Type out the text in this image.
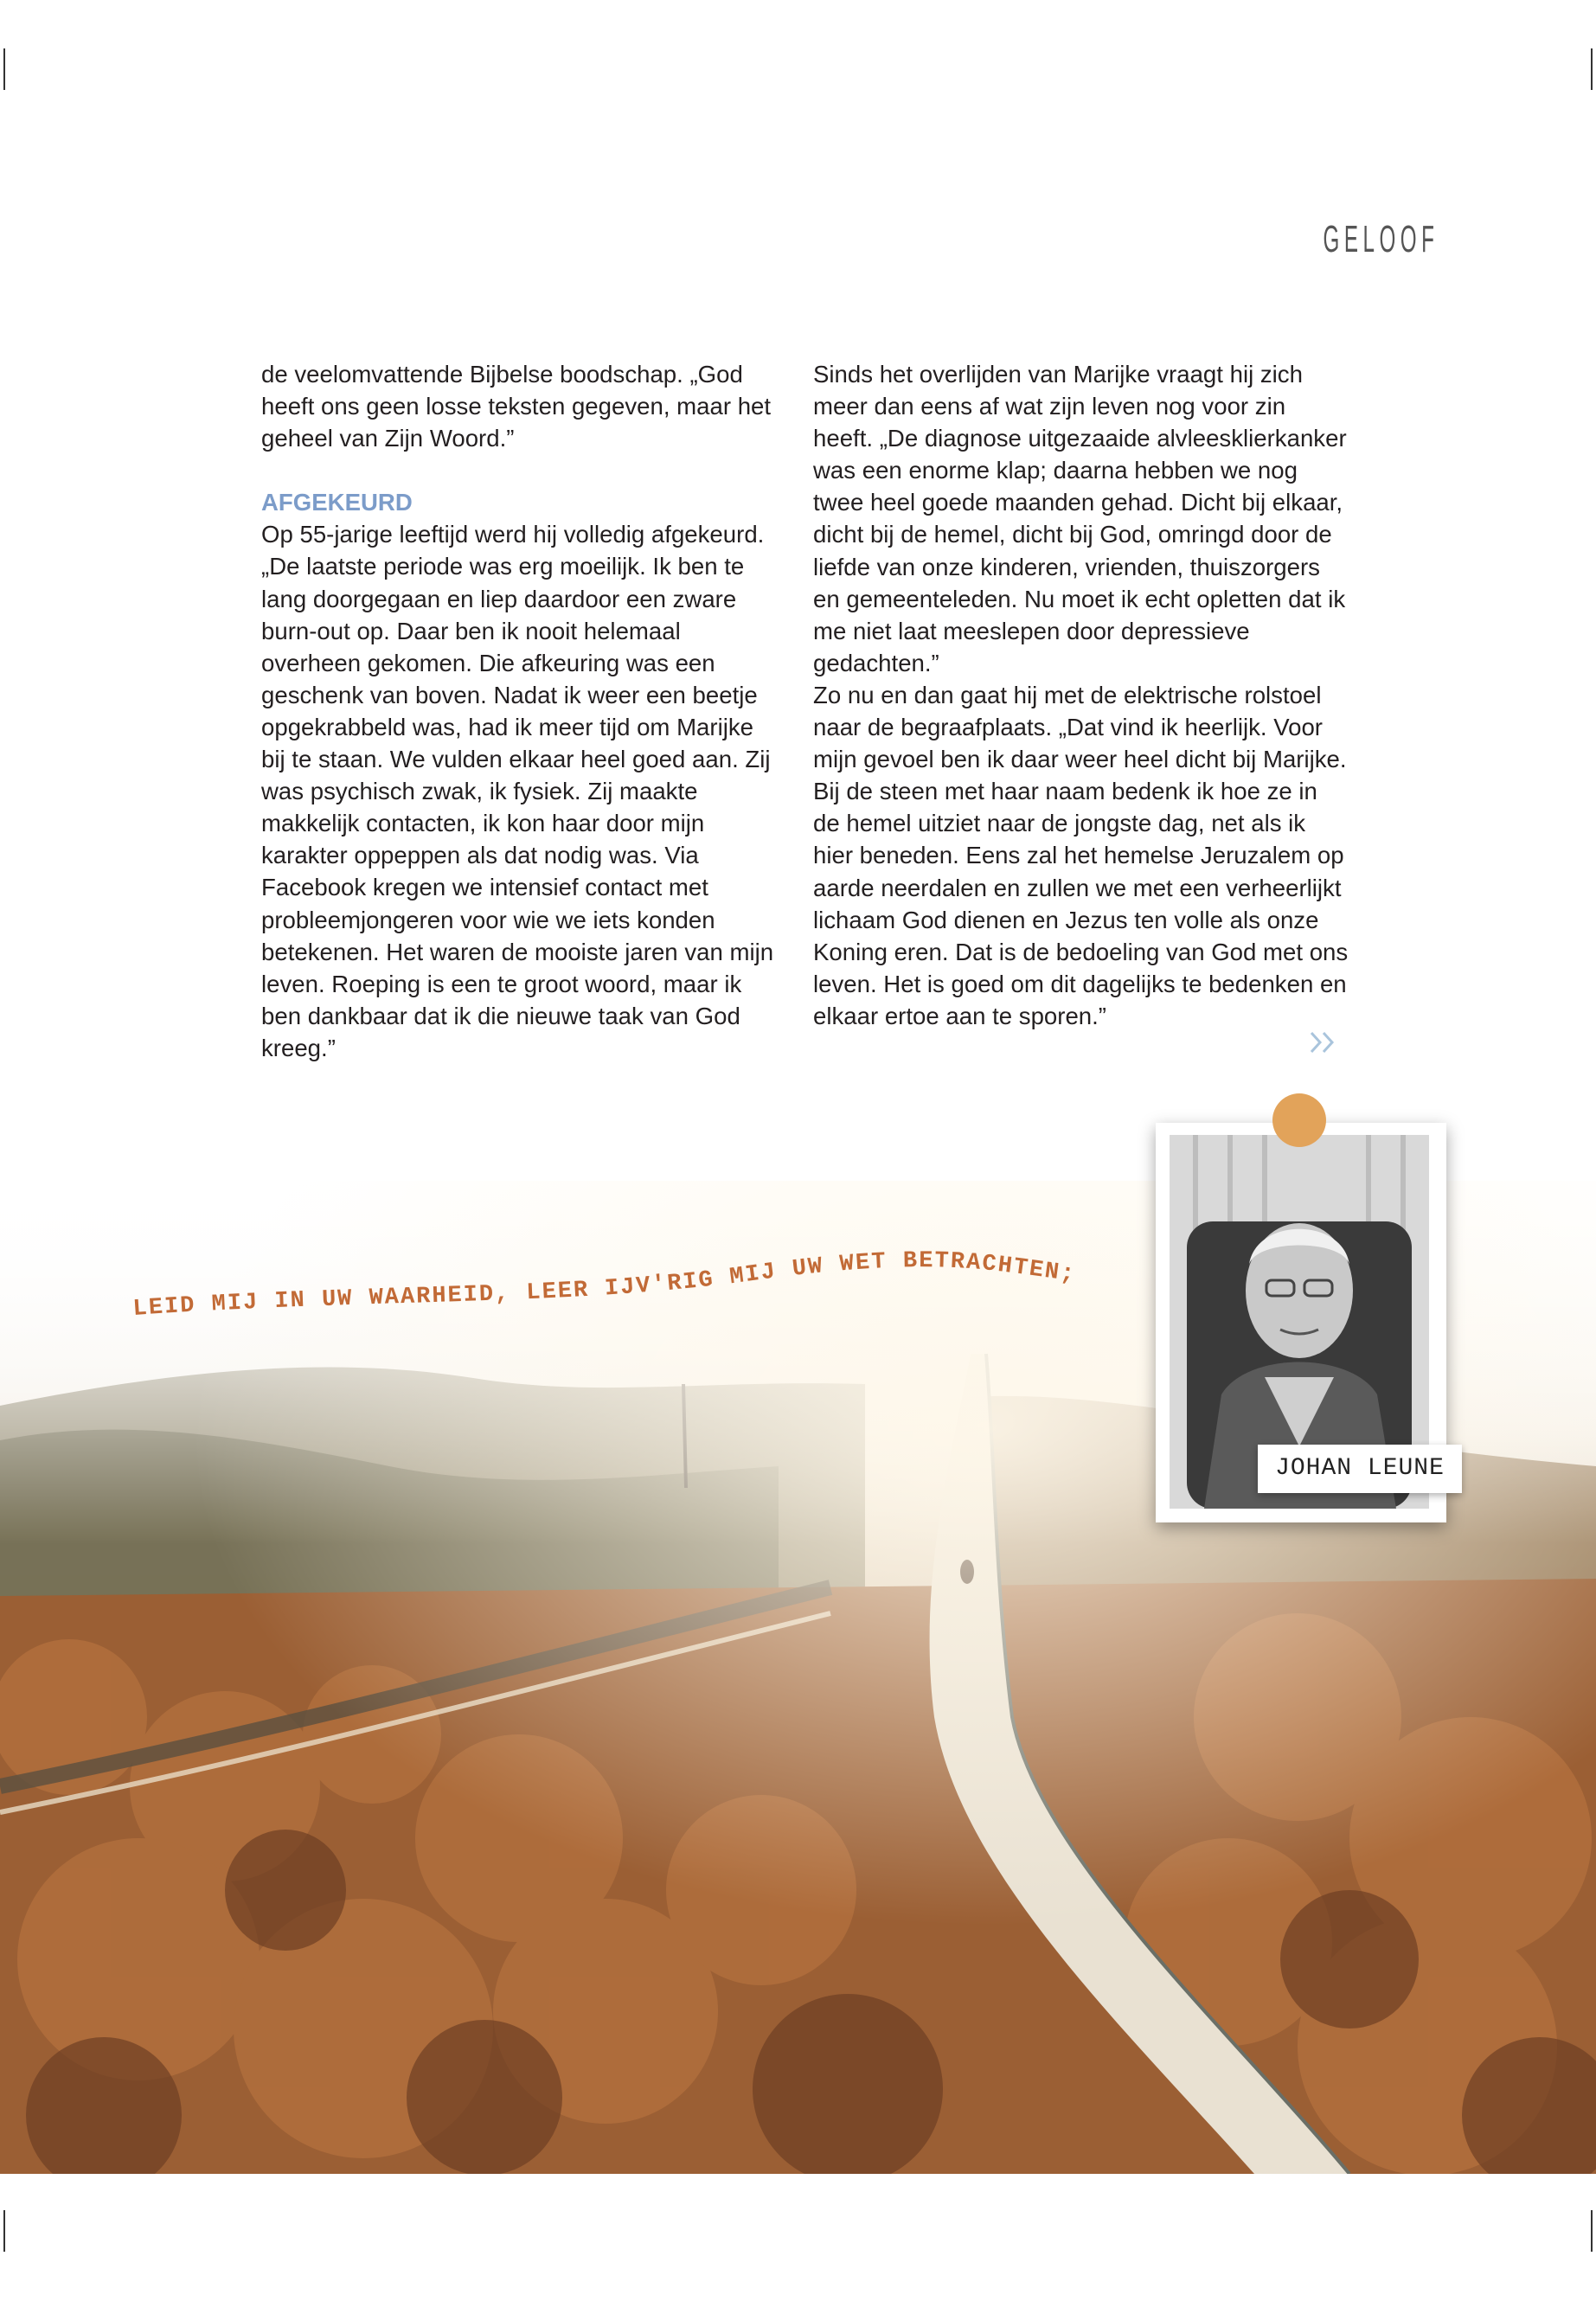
GELOOF

de veelomvattende Bijbelse boodschap. „God heeft ons geen losse teksten gegeven, maar het geheel van Zijn Woord.”

AFGEKEURD

Op 55-jarige leeftijd werd hij volledig afgekeurd. „De laatste periode was erg moeilijk. Ik ben te lang doorgegaan en liep daardoor een zware burn-out op. Daar ben ik nooit helemaal overheen gekomen. Die afkeuring was een geschenk van boven. Nadat ik weer een beetje opgekrabbeld was, had ik meer tijd om Marijke bij te staan. We vulden elkaar heel goed aan. Zij was psychisch zwak, ik fysiek. Zij maakte makkelijk contacten, ik kon haar door mijn karakter oppeppen als dat nodig was. Via Facebook kregen we intensief contact met probleemjongeren voor wie we iets konden betekenen. Het waren de mooiste jaren van mijn leven. Roeping is een te groot woord, maar ik ben dankbaar dat ik die nieuwe taak van God kreeg.”

Sinds het overlijden van Marijke vraagt hij zich meer dan eens af wat zijn leven nog voor zin heeft. „De diagnose uitgezaaide alvleesklierkanker was een enorme klap; daarna hebben we nog twee heel goede maanden gehad. Dicht bij elkaar, dicht bij de hemel, dicht bij God, omringd door de liefde van onze kinderen, vrienden, thuiszorgers en gemeenteleden. Nu moet ik echt opletten dat ik me niet laat meeslepen door depressieve gedachten.”

Zo nu en dan gaat hij met de elektrische rolstoel naar de begraafplaats. „Dat vind ik heerlijk. Voor mijn gevoel ben ik daar weer heel dicht bij Marijke. Bij de steen met haar naam bedenk ik hoe ze in de hemel uitziet naar de jongste dag, net als ik hier beneden. Eens zal het hemelse Jeruzalem op aarde neerdalen en zullen we met een verheerlijkt lichaam God dienen en Jezus ten volle als onze Koning eren. Dat is de bedoeling van God met ons leven. Het is goed om dit dagelijks te bedenken en elkaar ertoe aan te sporen.”

LEID MIJ IN UW WAARHEID, LEER IJV'RIG MIJ UW WET BETRACHTEN;
JOHAN LEUNE
